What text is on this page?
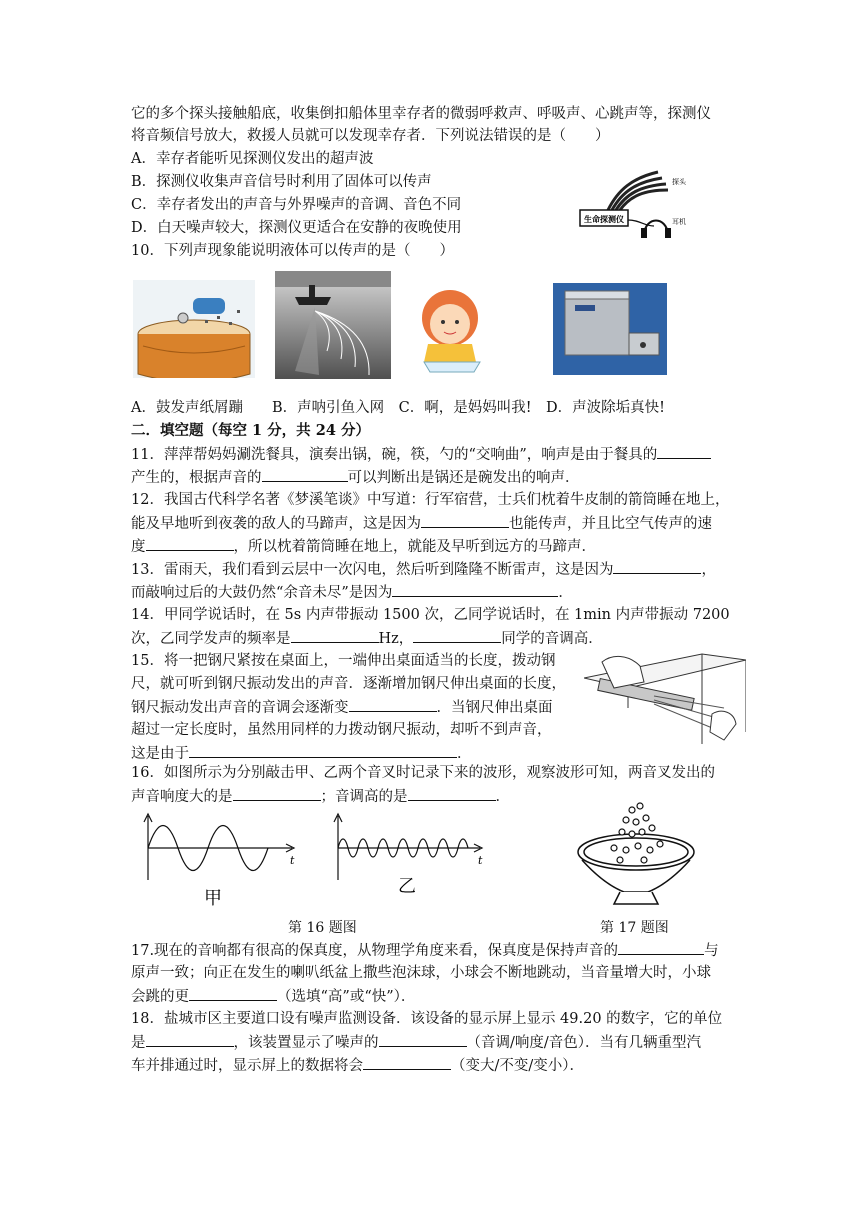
它的多个探头接触船底，收集倒扣船体里幸存者的微弱呼救声、呼吸声、心跳声等，探测仪
将音频信号放大，救援人员就可以发现幸存者．下列说法错误的是（　　）
A．幸存者能听见探测仪发出的超声波
B．探测仪收集声音信号时利用了固体可以传声
C．幸存者发出的声音与外界噪声的音调、音色不同
D．白天噪声较大，探测仪更适合在安静的夜晚使用
生命探测仪
探头
耳机
10．下列声现象能说明液体可以传声的是（　　）
A．鼓发声纸屑蹦　　B．声呐引鱼入网　C．啊，是妈妈叫我!　D．声波除垢真快!
二．填空题（每空 1 分，共 24 分）
11．萍萍帮妈妈涮洗餐具，演奏出锅，碗，筷，勺的“交响曲”，响声是由于餐具的
产生的，根据声音的	可以判断出是锅还是碗发出的响声．
12．我国古代科学名著《梦溪笔谈》中写道：行军宿营，士兵们枕着牛皮制的箭筒睡在地上，
能及早地听到夜袭的敌人的马蹄声，这是因为	也能传声，并且比空气传声的速
度	，所以枕着箭筒睡在地上，就能及早听到远方的马蹄声．
13．雷雨天，我们看到云层中一次闪电，然后听到隆隆不断雷声，这是因为	，
而敲响过后的大鼓仍然“余音未尽”是因为	．
14．甲同学说话时，在 5s 内声带振动 1500 次，乙同学说话时，在 1min 内声带振动 7200
次，乙同学发声的频率是	Hz，	同学的音调高．
15．将一把钢尺紧按在桌面上，一端伸出桌面适当的长度，拨动钢
尺，就可听到钢尺振动发出的声音．逐渐增加钢尺伸出桌面的长度，
钢尺振动发出声音的音调会逐渐变	．当钢尺伸出桌面
超过一定长度时，虽然用同样的力拨动钢尺振动，却听不到声音，
这是由于	．
16．如图所示为分别敲击甲、乙两个音叉时记录下来的波形，观察波形可知，两音叉发出的
声音响度大的是	；音调高的是	．
t	t
甲
乙
第 16 题图	第 17 题图
17.现在的音响都有很高的保真度，从物理学角度来看，保真度是保持声音的	与
原声一致；向正在发生的喇叭纸盆上撒些泡沫球，小球会不断地跳动，当音量增大时，小球
会跳的更	（选填“高”或“快”）．
18．盐城市区主要道口设有噪声监测设备．该设备的显示屏上显示 49.20 的数字，它的单位
是	，该装置显示了噪声的	（音调/响度/音色）．当有几辆重型汽
车并排通过时，显示屏上的数据将会	（变大/不变/变小）．
